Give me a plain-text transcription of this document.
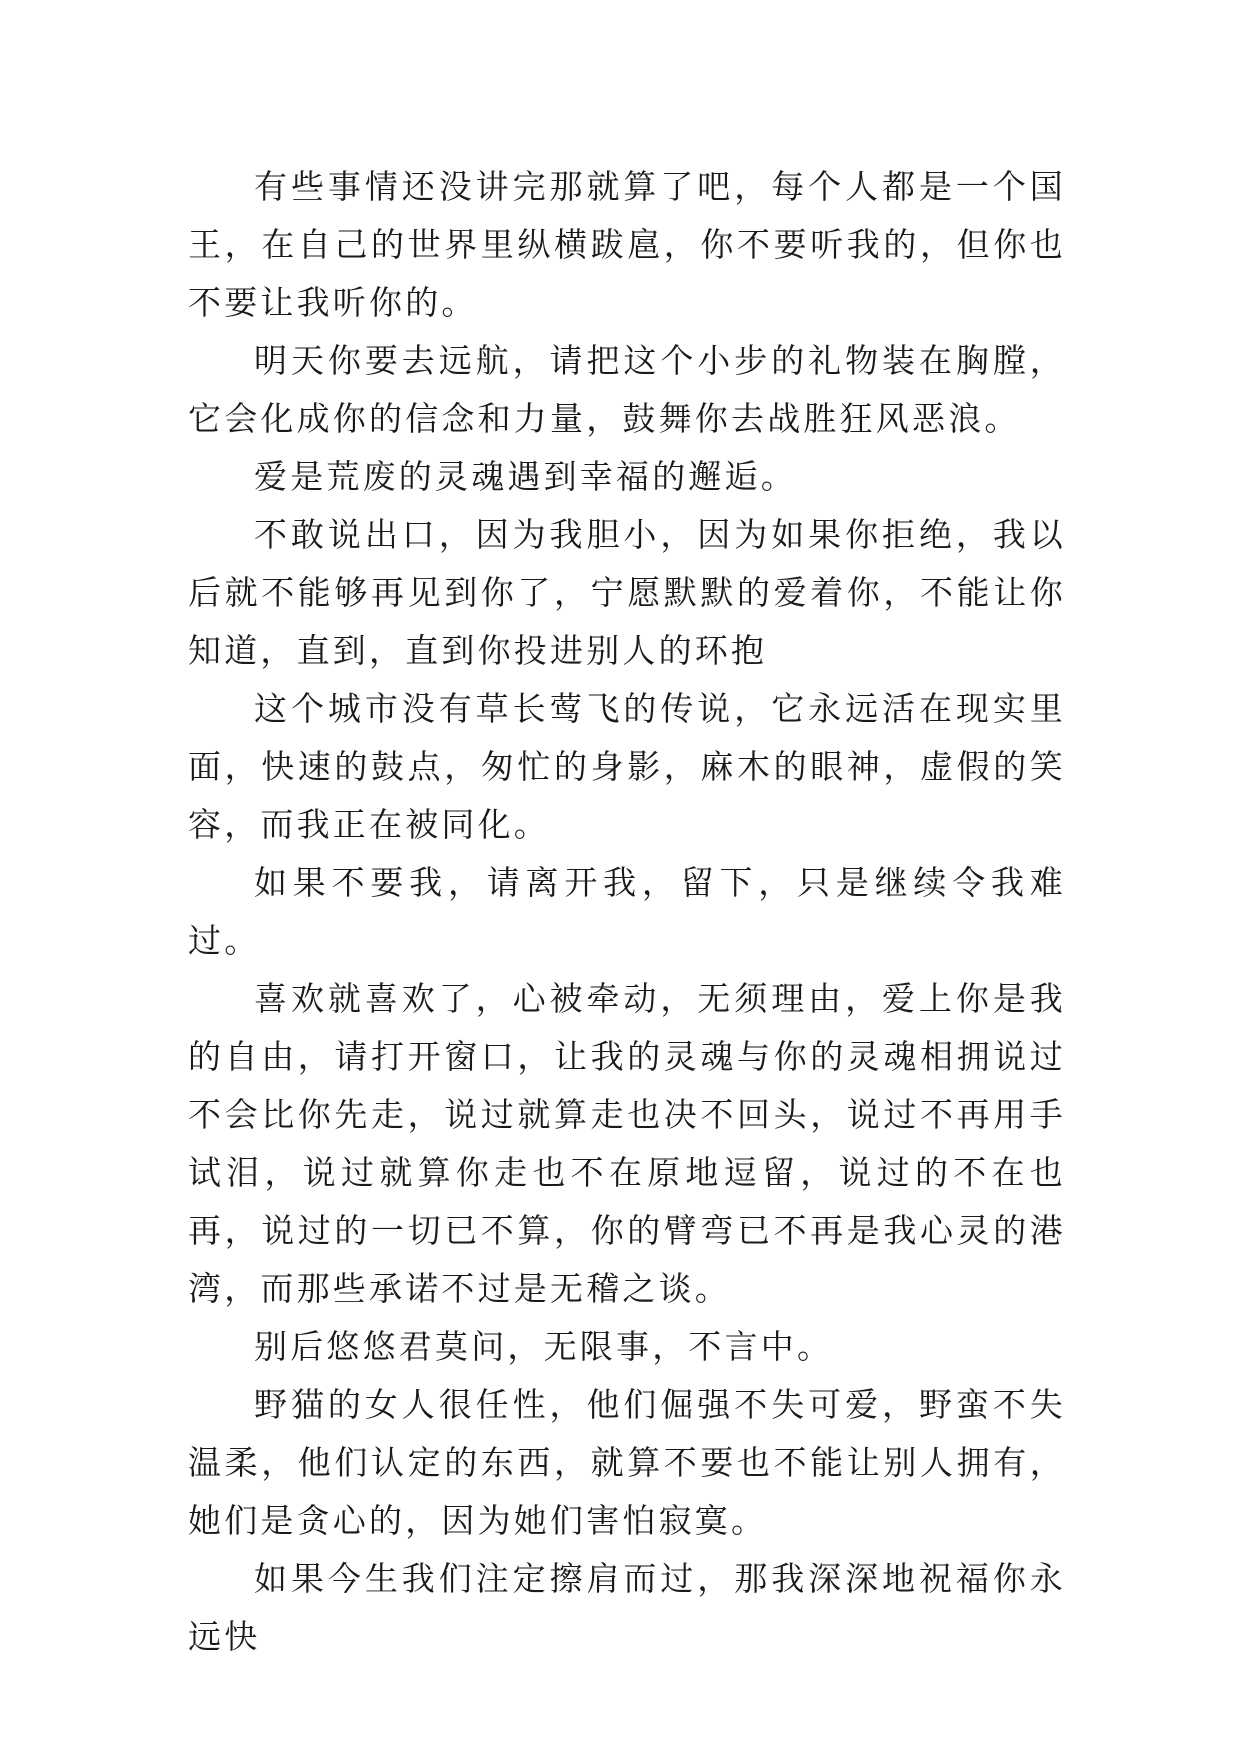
有些事情还没讲完那就算了吧，每个人都是一个国王，在自己的世界里纵横跋扈，你不要听我的，但你也不要让我听你的。

明天你要去远航，请把这个小步的礼物装在胸膛，它会化成你的信念和力量，鼓舞你去战胜狂风恶浪。

爱是荒废的灵魂遇到幸福的邂逅。

不敢说出口，因为我胆小，因为如果你拒绝，我以后就不能够再见到你了，宁愿默默的爱着你，不能让你知道，直到，直到你投进别人的环抱

这个城市没有草长莺飞的传说，它永远活在现实里面，快速的鼓点，匆忙的身影，麻木的眼神，虚假的笑容，而我正在被同化。

如果不要我，请离开我，留下，只是继续令我难过。

喜欢就喜欢了，心被牵动，无须理由，爱上你是我的自由，请打开窗口，让我的灵魂与你的灵魂相拥说过不会比你先走，说过就算走也决不回头，说过不再用手试泪，说过就算你走也不在原地逗留，说过的不在也再，说过的一切已不算，你的臂弯已不再是我心灵的港湾，而那些承诺不过是无稽之谈。

别后悠悠君莫问，无限事，不言中。

野猫的女人很任性，他们倔强不失可爱，野蛮不失温柔，他们认定的东西，就算不要也不能让别人拥有，她们是贪心的，因为她们害怕寂寞。

如果今生我们注定擦肩而过，那我深深地祝福你永远快
